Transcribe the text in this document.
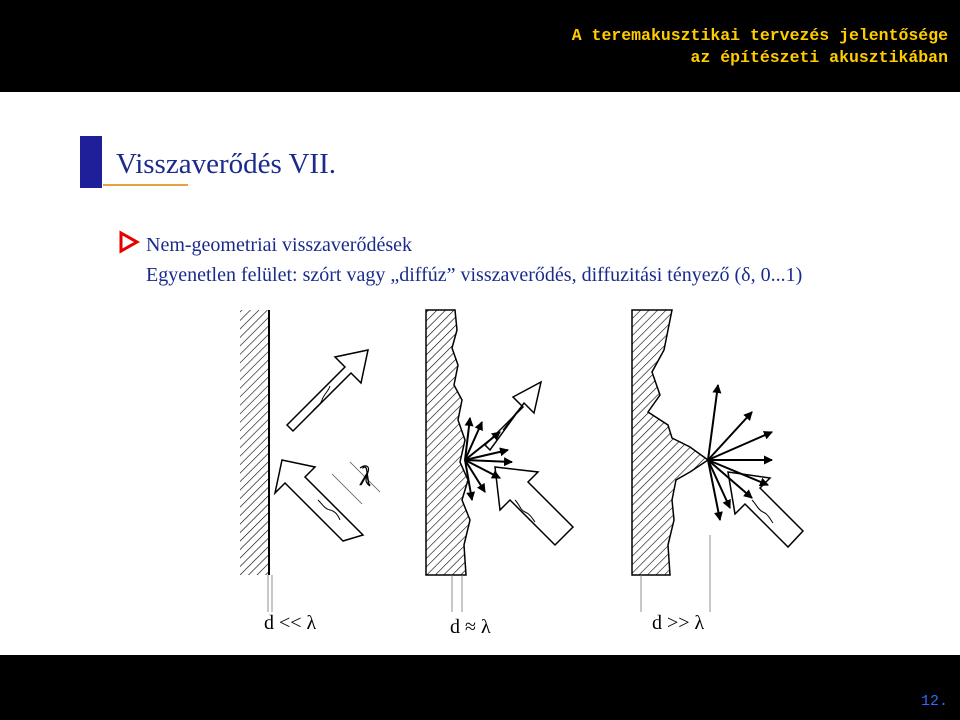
A teremakusztikai tervezés jelentősége
az építészeti akusztikában
Visszaverődés VII.
Nem-geometriai visszaverődések
Egyenetlen felület: szórt vagy „diffúz” visszaverődés, diffuzitási tényező (δ, 0...1)
d << λ	d ≈ λ	d >> λ
λ
12.
